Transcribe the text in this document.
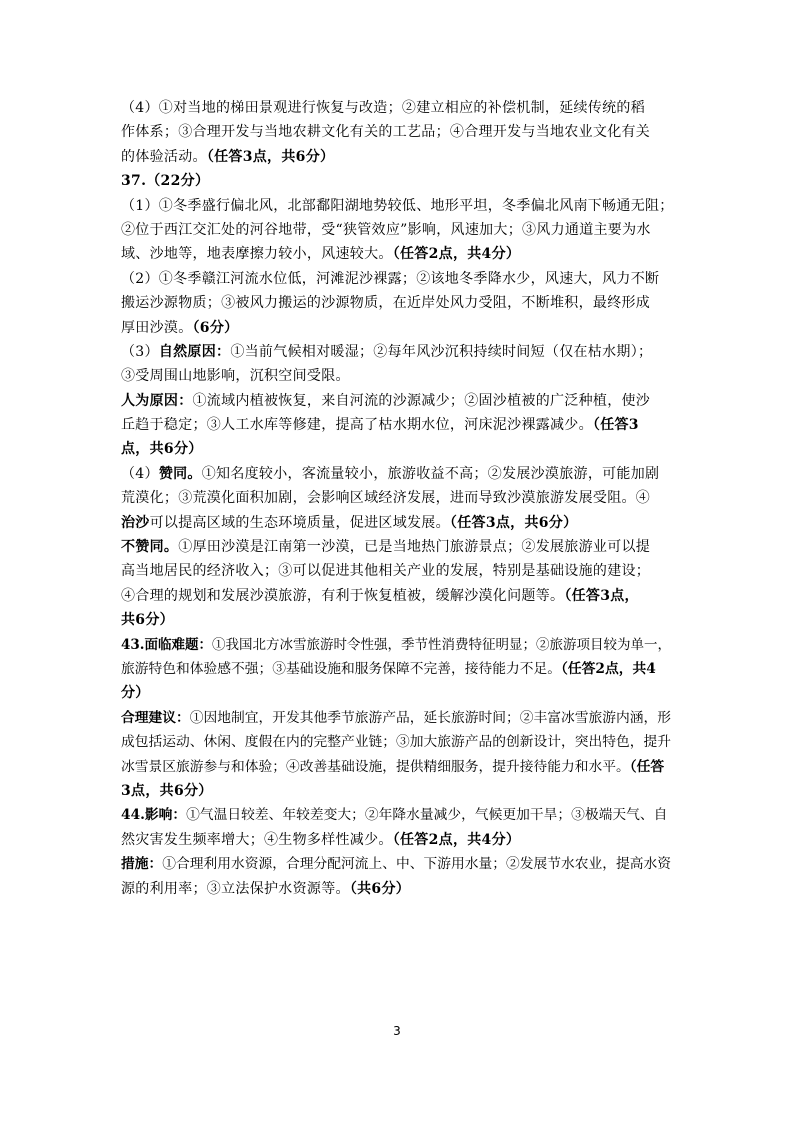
（4）①对当地的梯田景观进行恢复与改造；②建立相应的补偿机制，延续传统的稻
作体系；③合理开发与当地农耕文化有关的工艺品；④合理开发与当地农业文化有关
的体验活动。（任答3点，共6分）
37.（22分）
（1）①冬季盛行偏北风，北部鄱阳湖地势较低、地形平坦，冬季偏北风南下畅通无阻；
②位于西江交汇处的河谷地带，受“狭管效应”影响，风速加大；③风力通道主要为水
域、沙地等，地表摩擦力较小，风速较大。（任答2点，共4分）
（2）①冬季赣江河流水位低，河滩泥沙裸露；②该地冬季降水少，风速大，风力不断
搬运沙源物质；③被风力搬运的沙源物质，在近岸处风力受阻，不断堆积，最终形成
厚田沙漠。（6分）
（3）自然原因：①当前气候相对暖湿；②每年风沙沉积持续时间短（仅在枯水期）；
③受周围山地影响，沉积空间受限。
人为原因：①流域内植被恢复，来自河流的沙源减少；②固沙植被的广泛种植，使沙
丘趋于稳定；③人工水库等修建，提高了枯水期水位，河床泥沙裸露减少。（任答3
点，共6分）
（4）赞同。①知名度较小，客流量较小，旅游收益不高；②发展沙漠旅游，可能加剧
荒漠化；③荒漠化面积加剧，会影响区域经济发展，进而导致沙漠旅游发展受阻。④
治沙可以提高区域的生态环境质量，促进区域发展。（任答3点，共6分）
不赞同。①厚田沙漠是江南第一沙漠，已是当地热门旅游景点；②发展旅游业可以提
高当地居民的经济收入；③可以促进其他相关产业的发展，特别是基础设施的建设；
④合理的规划和发展沙漠旅游，有利于恢复植被，缓解沙漠化问题等。（任答3点，
共6分）
43.面临难题：①我国北方冰雪旅游时令性强，季节性消费特征明显；②旅游项目较为单一，
旅游特色和体验感不强；③基础设施和服务保障不完善，接待能力不足。（任答2点，共4
分）
合理建议：①因地制宜，开发其他季节旅游产品，延长旅游时间；②丰富冰雪旅游内涵，形
成包括运动、休闲、度假在内的完整产业链；③加大旅游产品的创新设计，突出特色，提升
冰雪景区旅游参与和体验；④改善基础设施，提供精细服务，提升接待能力和水平。（任答
3点，共6分）
44.影响：①气温日较差、年较差变大；②年降水量减少，气候更加干旱；③极端天气、自
然灾害发生频率增大；④生物多样性减少。（任答2点，共4分）
措施：①合理利用水资源，合理分配河流上、中、下游用水量；②发展节水农业，提高水资
源的利用率；③立法保护水资源等。（共6分）
3
